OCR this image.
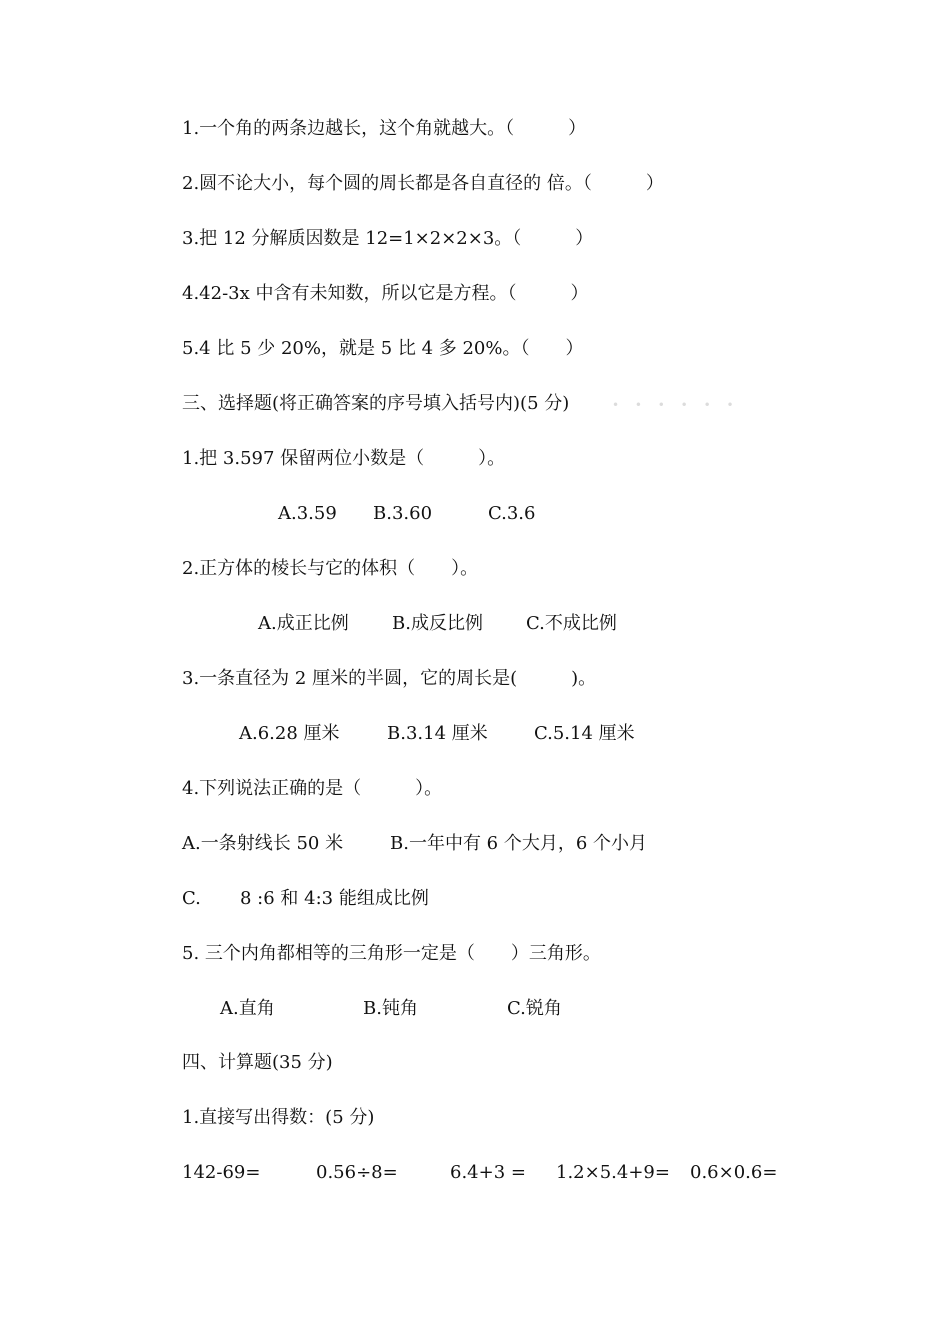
1.一个角的两条边越长，这个角就越大。（　　　）
2.圆不论大小，每个圆的周长都是各自直径的 倍。（　　　）
3.把 12 分解质因数是 12=1×2×2×3。（　　　）
4.42-3x 中含有未知数，所以它是方程。（　　　）
5.4 比 5 少 20%，就是 5 比 4 多 20%。（　　）
三、选择题(将正确答案的序号填入括号内)(5 分)	• • • • • •
1.把 3.597 保留两位小数是（　　　）。
A.3.59 B.3.60	C.3.6
2.正方体的棱长与它的体积（　　）。
A.成正比例 B.成反比例 C.不成比例
3.一条直径为 2 厘米的半圆，它的周长是(　　　)。
A.6.28 厘米	B.3.14 厘米	C.5.14 厘米
4.下列说法正确的是（　　　）。
A.一条射线长 50 米	B.一年中有 6 个大月，6 个小月
C. 8 :6 和 4:3 能组成比例
5. 三个内角都相等的三角形一定是（　　）三角形。
A.直角	B.钝角	C.锐角
四、计算题(35 分)
1.直接写出得数：(5 分)
142-69=	0.56÷8=	6.4+3 = 1.2×5.4+9= 0.6×0.6=
